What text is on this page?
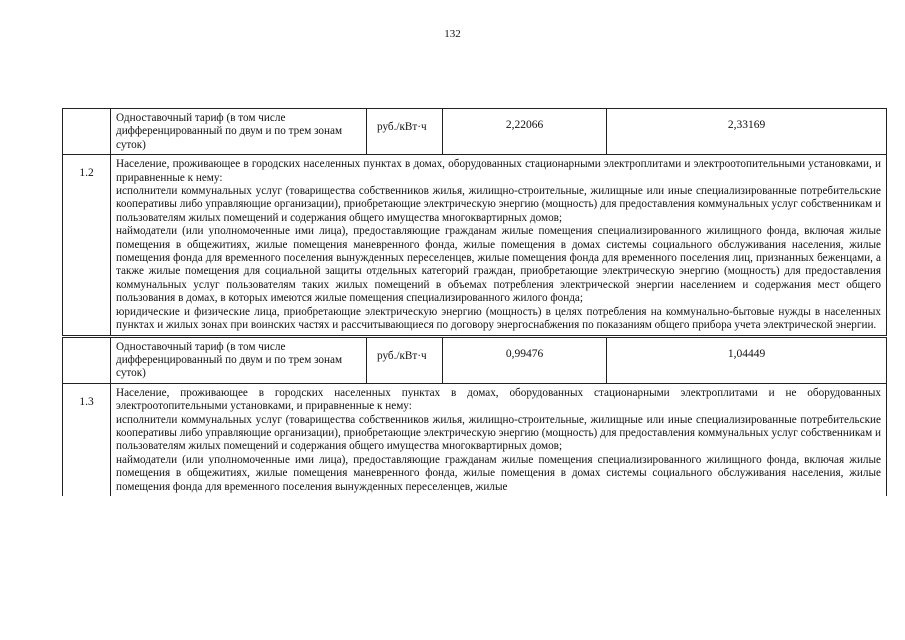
132
	Одноставочный тариф (в том числе дифференцированный по двум и по трем зонам суток)	руб./кВт·ч	2,22066	2,33169
1.2	Население, проживающее в городских населенных пунктах в домах, оборудованных стационарными электроплитами и электроотопительными установками, и приравненные к нему:
исполнители коммунальных услуг (товарищества собственников жилья, жилищно-строительные, жилищные или иные специализированные потребительские кооперативы либо управляющие организации), приобретающие электрическую энергию (мощность) для предоставления коммунальных услуг собственникам и пользователям жилых помещений и содержания общего имущества многоквартирных домов;
наймодатели (или уполномоченные ими лица), предоставляющие гражданам жилые помещения специализированного жилищного фонда, включая жилые помещения в общежитиях, жилые помещения маневренного фонда, жилые помещения в домах системы социального обслуживания населения, жилые помещения фонда для временного поселения вынужденных переселенцев, жилые помещения фонда для временного поселения лиц, признанных беженцами, а также жилые помещения для социальной защиты отдельных категорий граждан, приобретающие электрическую энергию (мощность) для предоставления коммунальных услуг пользователям таких жилых помещений в объемах потребления электрической энергии населением и содержания мест общего пользования в домах, в которых имеются жилые помещения специализированного жилого фонда;
юридические и физические лица, приобретающие электрическую энергию (мощность) в целях потребления на коммунально-бытовые нужды в населенных пунктах и жилых зонах при воинских частях и рассчитывающиеся по договору энергоснабжения по показаниям общего прибора учета электрической энергии.			

	Одноставочный тариф (в том числе дифференцированный по двум и по трем зонам суток)	руб./кВт·ч	0,99476	1,04449
1.3	Население, проживающее в городских населенных пунктах в домах, оборудованных стационарными электроплитами и не оборудованных электроотопительными установками, и приравненные к нему:
исполнители коммунальных услуг (товарищества собственников жилья, жилищно-строительные, жилищные или иные специализированные потребительские кооперативы либо управляющие организации), приобретающие электрическую энергию (мощность) для предоставления коммунальных услуг собственникам и пользователям жилых помещений и содержания общего имущества многоквартирных домов;
наймодатели (или уполномоченные ими лица), предоставляющие гражданам жилые помещения специализированного жилищного фонда, включая жилые помещения в общежитиях, жилые помещения маневренного фонда, жилые помещения в домах системы социального обслуживания населения, жилые помещения фонда для временного поселения вынужденных переселенцев, жилые			
